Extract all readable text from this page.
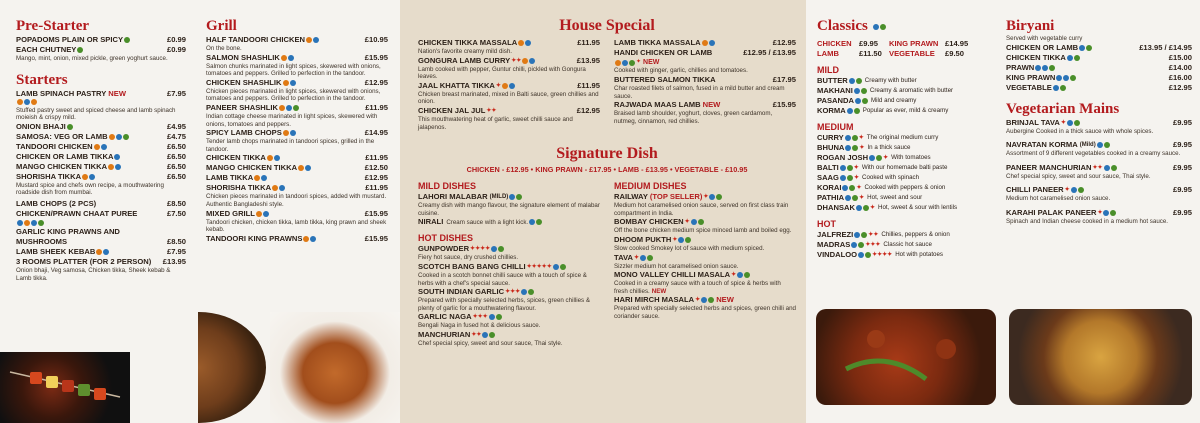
Pre-Starter
POPADOMS PLAIN OR SPICY	£0.99
EACH CHUTNEY	£0.99
Mango, mint, onion, mixed pickle, green yoghurt sauce.
Starters
LAMB SPINACH PASTRY NEW	£7.95
Stuffed pastry sweet and spiced cheese and lamb spinach moieish & crispy mild.
ONION BHAJI	£4.95
SAMOSA: VEG OR LAMB	£4.75
TANDOORI CHICKEN	£6.50
CHICKEN OR LAMB TIKKA	£6.50
MANGO CHICKEN TIKKA	£6.50
SHORISHA TIKKA	£6.50
Mustard spice and chefs own recipe, a mouthwatering roadside dish from mumbai.
LAMB CHOPS (2 PCS)	£8.50
CHICKEN/PRAWN CHAAT PUREE	£7.50
GARLIC KING PRAWNS AND MUSHROOMS	£8.50
LAMB SHEEK KEBAB	£7.95
3 ROOMS PLATTER (FOR 2 PERSON) £13.95
Onion bhaji, Veg samosa, Chicken tikka, Sheek kebab & Lamb tikka.
Grill
HALF TANDOORI CHICKEN	£10.95
On the bone.
SALMON SHASHLIK	£15.95
Salmon chunks marinated in light spices, skewered with onions, tomatoes and peppers. Grilled to perfection in the tandoor.
CHICKEN SHASHLIK	£12.95
Chicken pieces marinated in light spices, skewered with onions, tomatoes and peppers. Grilled to perfection in the tandoor.
PANEER SHASHLIK	£11.95
Indian cottage cheese marinated in light spices, skewered with onions, tomatoes and peppers.
SPICY LAMB CHOPS	£14.95
Tender lamb chops marinated in tandoori spices, grilled in the tandoor.
CHICKEN TIKKA	£11.95
MANGO CHICKEN TIKKA	£12.50
LAMB TIKKA	£12.95
SHORISHA TIKKA	£11.95
Chicken pieces marinated in tandoori spices, added with mustard. Authentic Bangladeshi style.
MIXED GRILL	£15.95
Tandoori chicken, chicken tikka, lamb tikka, king prawn and sheek kebab.
TANDOORI KING PRAWNS	£15.95
House Special
CHICKEN TIKKA MASSALA	£11.95
Nation's favorite creamy mild dish.
GONGURA LAMB CURRY ✦✦	£13.95
Lamb cooked with pepper, Guntur chilli, pickled with Gongura leaves.
JAAL KHATTA TIKKA ✦	£11.95
Chicken breast marinated, mixed in Balti sauce, green chillies and onion.
CHICKEN JAL JUL ✦✦	£12.95
This mouthwatering heat of garlic, sweet chilli sauce and jalapenos.
LAMB TIKKA MASSALA	£12.95
HANDI CHICKEN OR LAMB	£12.95 / £13.95
✦ NEW
Cooked with ginger, garlic, chillies and tomatoes.
BUTTERED SALMON TIKKA	£17.95
Char roasted filets of salmon, fused in a mild butter and cream sauce.
RAJWADA MAAS LAMB NEW	£15.95
Braised lamb shoulder, yoghurt, cloves, green cardamom, nutmeg, cinnamon, red chillies.
Signature Dish
CHICKEN - £12.95 • KING PRAWN - £17.95 • LAMB - £13.95 • VEGETABLE - £10.95
MILD DISHES
LAHORI MALABAR (MILD)
Creamy dish with mango flavour, the signature element of malabar cuisine.
NIRALI Cream sauce with a light kick.
HOT DISHES
GUNPOWDER ✦✦✦✦
Fiery hot sauce, dry crushed chillies.
SCOTCH BANG BANG CHILLI ✦✦✦✦✦
Cooked in a scotch bonnet chilli sauce with a touch of spice & herbs with a chef's special sauce.
SOUTH INDIAN GARLIC ✦✦✦
Prepared with specially selected herbs, spices, green chillies & plenty of garlic for a mouthwatering flavour.
GARLIC NAGA ✦✦✦
Bengali Naga in fused hot & delicious sauce.
MANCHURIAN ✦✦
Chef special spicy, sweet and sour sauce, Thai style.
MEDIUM DISHES
RAILWAY (TOP SELLER) ✦
Medium hot caramelised onion sauce, served on first class train compartment in India.
BOMBAY CHICKEN ✦
Off the bone chicken medium spice minced lamb and boiled egg.
DHOOM PUKTH ✦
Slow cooked Smokey lot of sauce with medium spiced.
TAVA ✦
Sizzler medium hot caramelised onion sauce.
MONO VALLEY CHILLI MASALA ✦
Cooked in a creamy sauce with a touch of spice & herbs with fresh chillies. NEW
HARI MIRCH MASALA ✦ NEW
Prepared with specially selected herbs and spices, green chilli and coriander sauce.
Classics
CHICKEN £9.95	KING PRAWN £14.95
LAMB	£11.50 VEGETABLE	£9.50
MILD
BUTTER	Creamy with butter
MAKHANI	Creamy & aromatic with butter
PASANDA	Mild and creamy
KORMA	Popular as ever, mild & creamy
MEDIUM
CURRY	✦ The original medium curry
BHUNA	✦ In a thick sauce
ROGAN JOSH	✦ With tomatoes
BALTI	✦ With our homemade balti paste
SAAG	✦ Cooked with spinach
KORAI	✦ Cooked with peppers & onion
PATHIA	✦ Hot, sweet and sour
DHANSAK	✦ Hot, sweet & sour with lentils
HOT
JALFREZI	✦✦ Chillies, peppers & onion
MADRAS	✦✦✦ Classic hot sauce
VINDALOO	✦✦✦✦ Hot with potatoes
Biryani
Served with vegetable curry
CHICKEN OR LAMB	£13.95 / £14.95
CHICKEN TIKKA	£15.00
PRAWN	£14.00
KING PRAWN	£16.00
VEGETABLE	£12.95
Vegetarian Mains
BRINJAL TAVA ✦	£9.95
Aubergine Cooked in a thick sauce with whole spices.
NAVRATAN KORMA (Mild)	£9.95
Assortment of 9 different vegetables cooked in a creamy sauce.
PANEER MANCHURIAN ✦✦	£9.95
Chef special spicy, sweet and sour sauce, Thai style.
CHILLI PANEER ✦	£9.95
Medium hot caramelised onion sauce.
KARAHI PALAK PANEER ✦	£9.95
Spinach and Indian cheese cooked in a medium hot sauce.
